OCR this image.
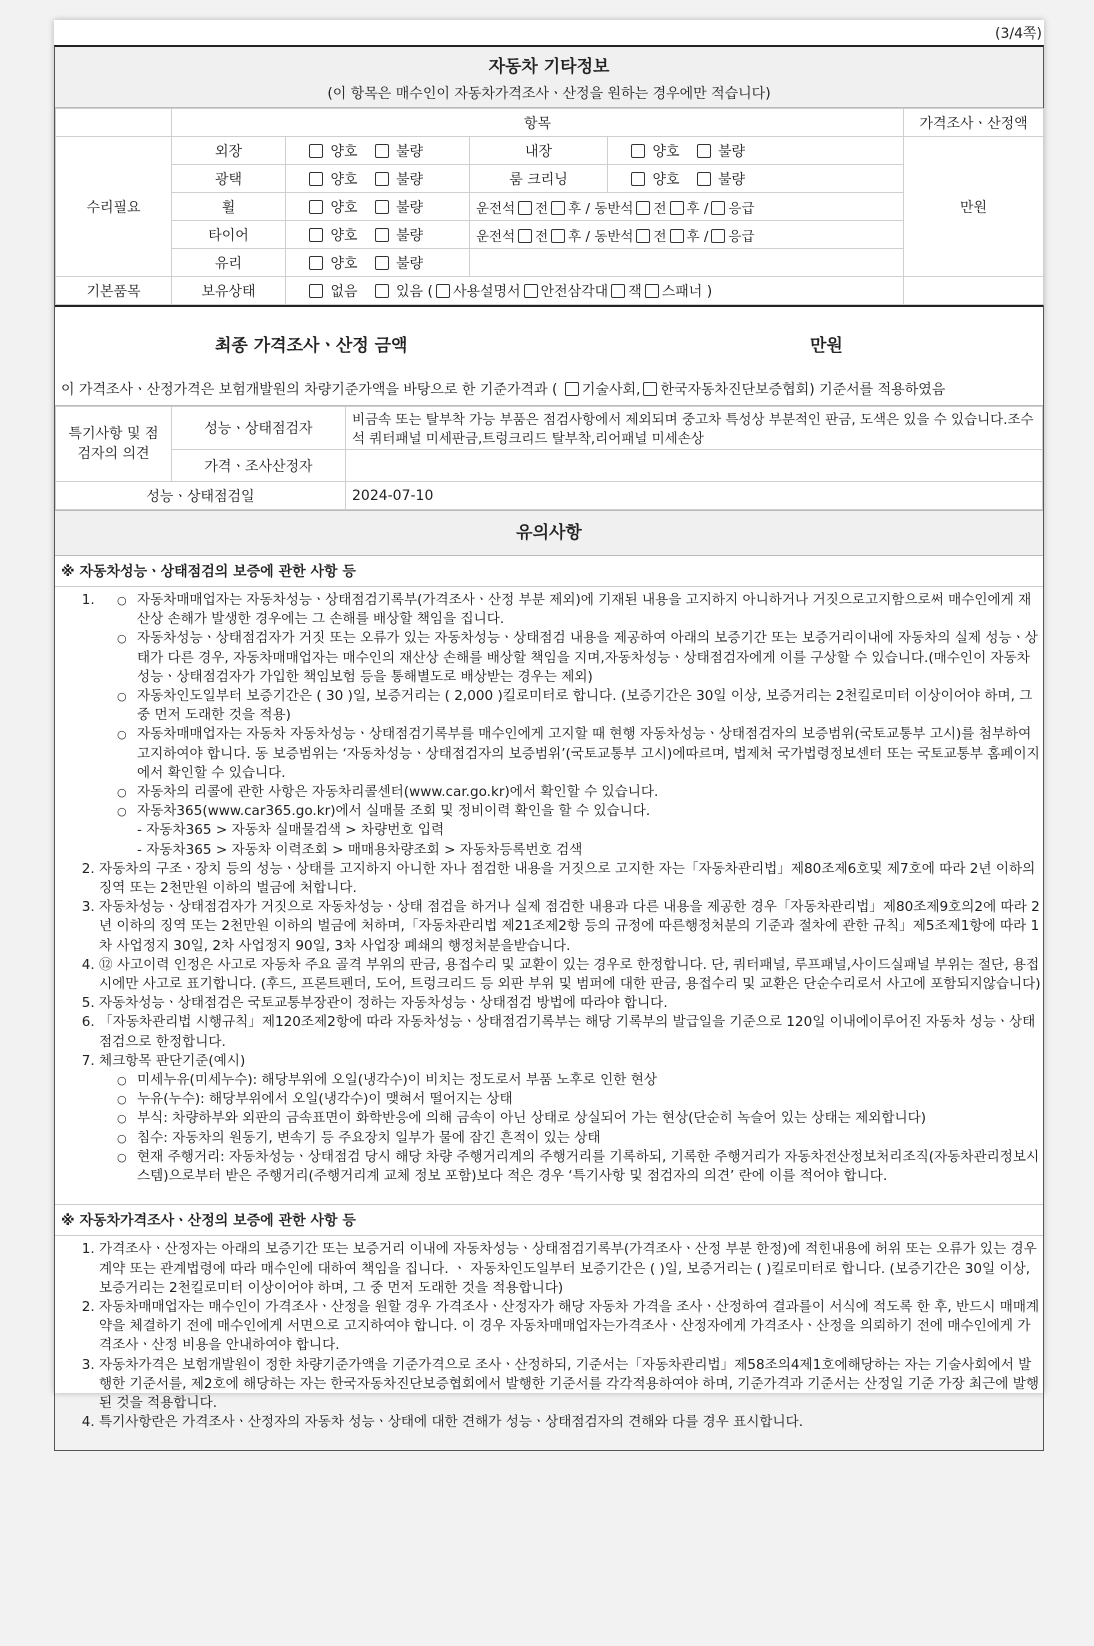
(3/4쪽)
자동차 기타정보
(이 항목은 매수인이 자동차가격조사ㆍ산정을 원하는 경우에만 적습니다)
	항목				가격조사ㆍ산정액
수리필요	외장	양호 불량	내장	양호 불량	만원
	광택	양호 불량	룸 크리닝	양호 불량	
	휠	양호 불량	운전석 전 후 / 동반석 전 후 / 응급		
	타이어	양호 불량	운전석 전 후 / 동반석 전 후 / 응급		
	유리	양호 불량			
기본품목	보유상태	없음 있음 ( 사용설명서 안전삼각대 잭 스패너 )			
최종 가격조사ㆍ산정 금액	만원
이 가격조사ㆍ산정가격은 보험개발원의 차량기준가액을 바탕으로 한 기준가격과 ( 기술사회, 한국자동차진단보증협회) 기준서를 적용하였음
특기사항 및 점검자의 의견	성능ㆍ상태점검자	비금속 또는 탈부착 가능 부품은 점검사항에서 제외되며 중고차 특성상 부분적인 판금, 도색은 있을 수 있습니다.조수석 쿼터패널 미세판금,트렁크리드 탈부착,리어패널 미세손상
	가격ㆍ조사산정자	
성능ㆍ상태점검일		2024-07-10
유의사항
※ 자동차성능ㆍ상태점검의 보증에 관한 사항 등
○ 1. 자동차매매업자는 자동차성능ㆍ상태점검기록부(가격조사ㆍ산정 부분 제외)에 기재된 내용을 고지하지 아니하거나 거짓으로고지함으로써 매수인에게 재산상 손해가 발생한 경우에는 그 손해를 배상할 책임을 집니다.
○ 자동차성능ㆍ상태점검자가 거짓 또는 오류가 있는 자동차성능ㆍ상태점검 내용을 제공하여 아래의 보증기간 또는 보증거리이내에 자동차의 실제 성능ㆍ상태가 다른 경우, 자동차매매업자는 매수인의 재산상 손해를 배상할 책임을 지며,자동차성능ㆍ상태점검자에게 이를 구상할 수 있습니다.(매수인이 자동차성능ㆍ상태점검자가 가입한 책임보험 등을 통해별도로 배상받는 경우는 제외)
○ 자동차인도일부터 보증기간은 ( 30 )일, 보증거리는 ( 2,000 )킬로미터로 합니다. (보증기간은 30일 이상, 보증거리는 2천킬로미터 이상이어야 하며, 그 중 먼저 도래한 것을 적용)
○ 자동차매매업자는 자동차 자동차성능ㆍ상태점검기록부를 매수인에게 고지할 때 현행 자동차성능ㆍ상태점검자의 보증범위(국토교통부 고시)를 첨부하여 고지하여야 합니다. 동 보증범위는 ‘자동차성능ㆍ상태점검자의 보증범위’(국토교통부 고시)에따르며, 법제처 국가법령정보센터 또는 국토교통부 홈페이지에서 확인할 수 있습니다.
○ 자동차의 리콜에 관한 사항은 자동차리콜센터(www.car.go.kr)에서 확인할 수 있습니다.
○ 자동차365(www.car365.go.kr)에서 실매물 조회 및 정비이력 확인을 할 수 있습니다.
- 자동차365 > 자동차 실매물검색 > 차량번호 입력
- 자동차365 > 자동차 이력조회 > 매매용차량조회 > 자동차등록번호 검색
2. 자동차의 구조ㆍ장치 등의 성능ㆍ상태를 고지하지 아니한 자나 점검한 내용을 거짓으로 고지한 자는「자동차관리법」제80조제6호및 제7호에 따라 2년 이하의 징역 또는 2천만원 이하의 벌금에 처합니다.
3. 자동차성능ㆍ상태점검자가 거짓으로 자동차성능ㆍ상태 점검을 하거나 실제 점검한 내용과 다른 내용을 제공한 경우「자동차관리법」제80조제9호의2에 따라 2년 이하의 징역 또는 2천만원 이하의 벌금에 처하며,「자동차관리법 제21조제2항 등의 규정에 따른행정처분의 기준과 절차에 관한 규칙」제5조제1항에 따라 1차 사업정지 30일, 2차 사업정지 90일, 3차 사업장 폐쇄의 행정처분을받습니다.
4. ⑫ 사고이력 인정은 사고로 자동차 주요 골격 부위의 판금, 용접수리 및 교환이 있는 경우로 한정합니다. 단, 쿼터패널, 루프패널,사이드실패널 부위는 절단, 용접 시에만 사고로 표기합니다. (후드, 프론트펜더, 도어, 트렁크리드 등 외판 부위 및 범퍼에 대한 판금, 용접수리 및 교환은 단순수리로서 사고에 포함되지않습니다)
5. 자동차성능ㆍ상태점검은 국토교통부장관이 정하는 자동차성능ㆍ상태점검 방법에 따라야 합니다.
6. 「자동차관리법 시행규칙」제120조제2항에 따라 자동차성능ㆍ상태점검기록부는 해당 기록부의 발급일을 기준으로 120일 이내에이루어진 자동차 성능ㆍ상태점검으로 한정합니다.
7. 체크항목 판단기준(예시)
○ 미세누유(미세누수): 해당부위에 오일(냉각수)이 비치는 정도로서 부품 노후로 인한 현상
○ 누유(누수): 해당부위에서 오일(냉각수)이 맺혀서 떨어지는 상태
○ 부식: 차량하부와 외판의 금속표면이 화학반응에 의해 금속이 아닌 상태로 상실되어 가는 현상(단순히 녹슬어 있는 상태는 제외합니다)
○ 침수: 자동차의 원동기, 변속기 등 주요장치 일부가 물에 잠긴 흔적이 있는 상태
○ 현재 주행거리: 자동차성능ㆍ상태점검 당시 해당 차량 주행거리계의 주행거리를 기록하되, 기록한 주행거리가 자동차전산정보처리조직(자동차관리정보시스템)으로부터 받은 주행거리(주행거리계 교체 정보 포함)보다 적은 경우 ‘특기사항 및 점검자의 의견’ 란에 이를 적어야 합니다.
※ 자동차가격조사ㆍ산정의 보증에 관한 사항 등
1. 가격조사ㆍ산정자는 아래의 보증기간 또는 보증거리 이내에 자동차성능ㆍ상태점검기록부(가격조사ㆍ산정 부분 한정)에 적힌내용에 허위 또는 오류가 있는 경우 계약 또는 관계법령에 따라 매수인에 대하여 책임을 집니다. ㆍ 자동차인도일부터 보증기간은 ( )일, 보증거리는 ( )킬로미터로 합니다. (보증기간은 30일 이상, 보증거리는 2천킬로미터 이상이어야 하며, 그 중 먼저 도래한 것을 적용합니다)
2. 자동차매매업자는 매수인이 가격조사ㆍ산정을 원할 경우 가격조사ㆍ산정자가 해당 자동차 가격을 조사ㆍ산정하여 결과를이 서식에 적도록 한 후, 반드시 매매계약을 체결하기 전에 매수인에게 서면으로 고지하여야 합니다. 이 경우 자동차매매업자는가격조사ㆍ산정자에게 가격조사ㆍ산정을 의뢰하기 전에 매수인에게 가격조사ㆍ산정 비용을 안내하여야 합니다.
3. 자동차가격은 보험개발원이 정한 차량기준가액을 기준가격으로 조사ㆍ산정하되, 기준서는「자동차관리법」제58조의4제1호에해당하는 자는 기술사회에서 발행한 기준서를, 제2호에 해당하는 자는 한국자동차진단보증협회에서 발행한 기준서를 각각적용하여야 하며, 기준가격과 기준서는 산정일 기준 가장 최근에 발행된 것을 적용합니다.
4. 특기사항란은 가격조사ㆍ산정자의 자동차 성능ㆍ상태에 대한 견해가 성능ㆍ상태점검자의 견해와 다를 경우 표시합니다.
